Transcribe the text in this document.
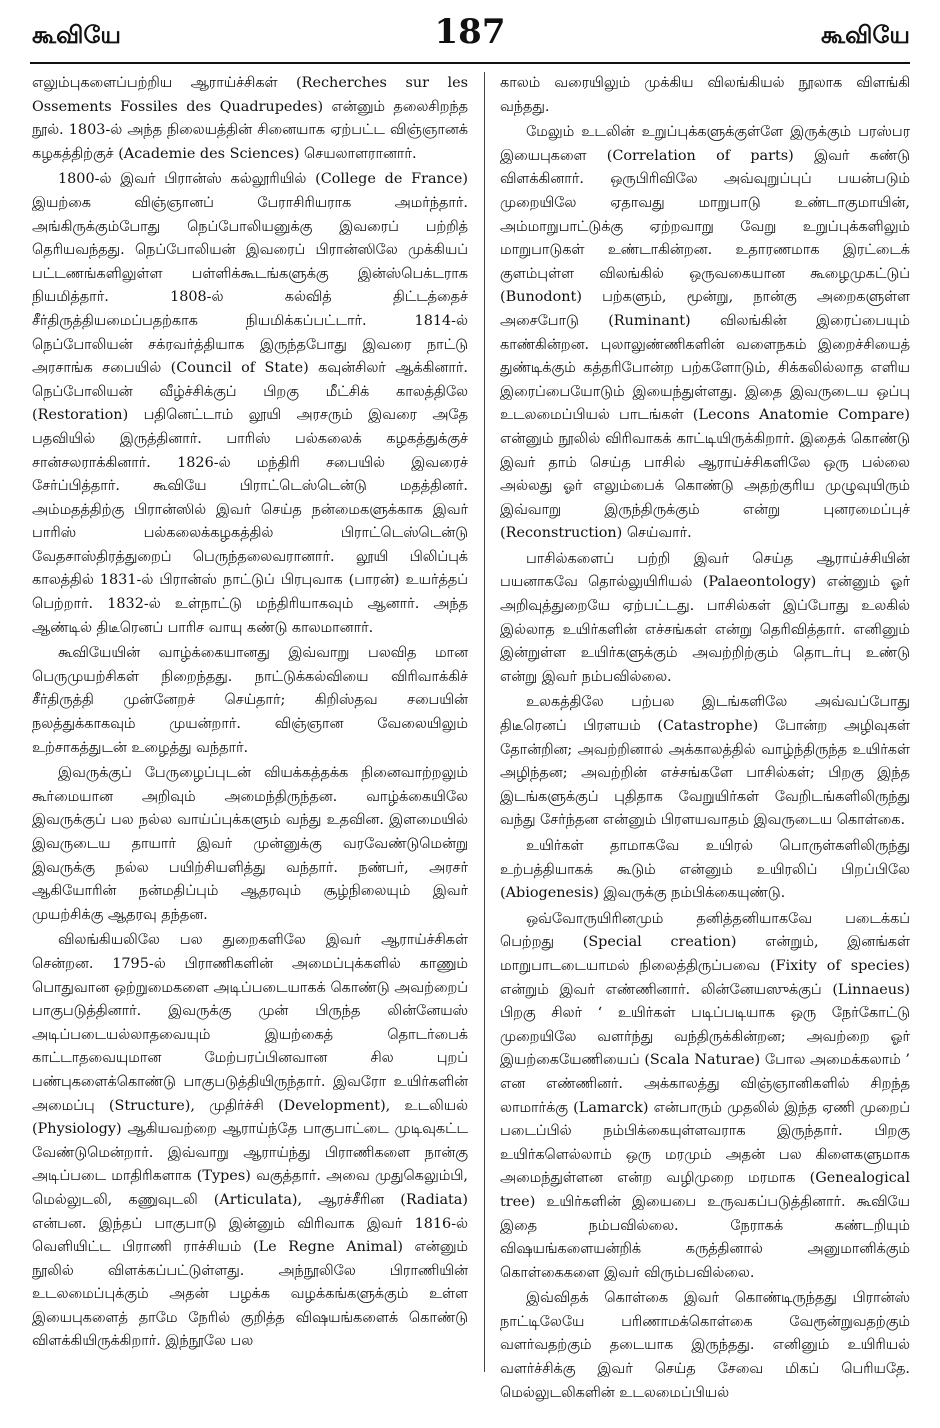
கூவியே	187	கூவியே

எலும்புகளைப்பற்றிய ஆராய்ச்சிகள் (Recherches sur les Ossements Fossiles des Quadrupedes) என்னும் தலைசிறந்த நூல். 1803-ல் அந்த நிலையத்தின் சினையாக ஏற்பட்ட விஞ்ஞானக் கழகத்திற்குச் (Academie des Sciences) செயலாளரானார்.

1800-ல் இவர் பிரான்ஸ் கல்லூரியில் (College de France) இயற்கை விஞ்ஞானப் பேராசிரியராக அமர்ந்தார். அங்கிருக்கும்போது நெப்போலியனுக்கு இவரைப் பற்றித் தெரியவந்தது. நெப்போலியன் இவரைப் பிரான்ஸிலே முக்கியப் பட்டணங்களிலுள்ள பள்ளிக்கூடங்களுக்கு இன்ஸ்பெக்டராக நியமித்தார். 1808-ல் கல்வித் திட்டத்தைச் சீர்திருத்தியமைப்பதற்காக நியமிக்கப்பட்டார். 1814-ல் நெப்போலியன் சக்ரவர்த்தியாக இருந்தபோது இவரை நாட்டு அரசாங்க சபையில் (Council of State) கவுன்சிலர் ஆக்கினார். நெப்போலியன் வீழ்ச்சிக்குப் பிறகு மீட்சிக் காலத்திலே (Restoration) பதினெட்டாம் லூயி அரசரும் இவரை அதே பதவியில் இருத்தினார். பாரிஸ் பல்கலைக் கழகத்துக்குச் சான்சலராக்கினார். 1826-ல் மந்திரி சபையில் இவரைச் சேர்ப்பித்தார். கூவியே பிராட்டெஸ்டென்டு மதத்தினர். அம்மதத்திற்கு பிரான்ஸில் இவர் செய்த நன்மைகளுக்காக இவர் பாரிஸ் பல்கலைக்கழகத்தில் பிராட்டெஸ்டென்டு வேதசாஸ்திரத்துறைப் பெருந்தலைவரானார். லூயி பிலிப்புக் காலத்தில் 1831-ல் பிரான்ஸ் நாட்டுப் பிரபுவாக (பாரன்) உயர்த்தப் பெற்றார். 1832-ல் உள்நாட்டு மந்திரியாகவும் ஆனார். அந்த ஆண்டில் திடீரெனப் பாரிச வாயு கண்டு காலமானார்.

கூவியேயின் வாழ்க்கையானது இவ்வாறு பலவித மான பெருமுயற்சிகள் நிறைந்தது. நாட்டுக்கல்வியை விரிவாக்கிச் சீர்திருத்தி முன்னேறச் செய்தார்; கிறிஸ்தவ சபையின் நலத்துக்காகவும் முயன்றார். விஞ்ஞான வேலையிலும் உற்சாகத்துடன் உழைத்து வந்தார்.

இவருக்குப் பேருழைப்புடன் வியக்கத்தக்க நினைவாற்றலும் கூர்மையான அறிவும் அமைந்திருந்தன. வாழ்க்கையிலே இவருக்குப் பல நல்ல வாய்ப்புக்களும் வந்து உதவின. இளமையில் இவருடைய தாயார் இவர் முன்னுக்கு வரவேண்டுமென்று இவருக்கு நல்ல பயிற்சியளித்து வந்தார். நண்பர், அரசர் ஆகியோரின் நன்மதிப்பும் ஆதரவும் சூழ்நிலையும் இவர் முயற்சிக்கு ஆதரவு தந்தன.

விலங்கியலிலே பல துறைகளிலே இவர் ஆராய்ச்சிகள் சென்றன. 1795-ல் பிராணிகளின் அமைப்புக்களில் காணும் பொதுவான ஒற்றுமைகளை அடிப்படையாகக் கொண்டு அவற்றைப் பாகுபடுத்தினார். இவருக்கு முன் பிருந்த லின்னேயஸ் அடிப்படையல்லாதவையும் இயற்கைத் தொடர்பைக் காட்டாதவையுமான மேற்பரப்பினவான சில புறப் பண்புகளைக்கொண்டு பாகுபடுத்தியிருந்தார். இவரோ உயிர்களின் அமைப்பு (Structure), முதிர்ச்சி (Development), உடலியல் (Physiology) ஆகியவற்றை ஆராய்ந்தே பாகுபாட்டை முடிவுகட்ட வேண்டுமென்றார். இவ்வாறு ஆராய்ந்து பிராணிகளை நான்கு அடிப்படை மாதிரிகளாக (Types) வகுத்தார். அவை முதுகெலும்பி, மெல்லுடலி, கணுவுடலி (Articulata), ஆரச்சீரின (Radiata) என்பன. இந்தப் பாகுபாடு இன்னும் விரிவாக இவர் 1816-ல் வெளியிட்ட பிராணி ராச்சியம் (Le Regne Animal) என்னும் நூலில் விளக்கப்பட்டுள்ளது. அந்நூலிலே பிராணியின் உடலமைப்புக்கும் அதன் பழக்க வழக்கங்களுக்கும் உள்ள இயைபுகளைத் தாமே நேரில் குறித்த விஷயங்களைக் கொண்டு விளக்கியிருக்கிறார். இந்நூலே பல

காலம் வரையிலும் முக்கிய விலங்கியல் நூலாக விளங்கி வந்தது.

மேலும் உடலின் உறுப்புக்களுக்குள்ளே இருக்கும் பரஸ்பர இயைபுகளை (Correlation of parts) இவர் கண்டு விளக்கினார். ஒருபிரிவிலே அவ்வுறுப்புப் பயன்படும் முறையிலே ஏதாவது மாறுபாடு உண்டாகுமாயின், அம்மாறுபாட்டுக்கு ஏற்றவாறு வேறு உறுப்புக்களிலும் மாறுபாடுகள் உண்டாகின்றன. உதாரணமாக இரட்டைக் குளம்புள்ள விலங்கில் ஒருவகையான கூழைமுகட்டுப் (Bunodont) பற்களும், மூன்று, நான்கு அறைகளுள்ள அசைபோடு (Ruminant) விலங்கின் இரைப்பையும் காண்கின்றன. புலாலுண்ணிகளின் வளைநகம் இறைச்சியைத் துண்டிக்கும் கத்தரிபோன்ற பற்களோடும், சிக்கலில்லாத எளிய இரைப்பையோடும் இயைந்துள்ளது. இதை இவருடைய ஒப்பு உடலமைப்பியல் பாடங்கள் (Lecons Anatomie Compare) என்னும் நூலில் விரிவாகக் காட்டியிருக்கிறார். இதைக் கொண்டு இவர் தாம் செய்த பாசில் ஆராய்ச்சிகளிலே ஒரு பல்லை அல்லது ஓர் எலும்பைக் கொண்டு அதற்குரிய முழுவுயிரும் இவ்வாறு இருந்திருக்கும் என்று புனரமைப்புச் (Reconstruction) செய்வார்.

பாசில்களைப் பற்றி இவர் செய்த ஆராய்ச்சியின் பயனாகவே தொல்லுயிரியல் (Palaeontology) என்னும் ஓர் அறிவுத்துறையே ஏற்பட்டது. பாசில்கள் இப்போது உலகில் இல்லாத உயிர்களின் எச்சங்கள் என்று தெரிவித்தார். எனினும் இன்றுள்ள உயிர்களுக்கும் அவற்றிற்கும் தொடர்பு உண்டு என்று இவர் நம்பவில்லை.

உலகத்திலே பற்பல இடங்களிலே அவ்வப்போது திடீரெனப் பிரளயம் (Catastrophe) போன்ற அழிவுகள் தோன்றின; அவற்றினால் அக்காலத்தில் வாழ்ந்திருந்த உயிர்கள் அழிந்தன; அவற்றின் எச்சங்களே பாசில்கள்; பிறகு இந்த இடங்களுக்குப் புதிதாக வேறுயிர்கள் வேறிடங்களிலிருந்து வந்து சேர்ந்தன என்னும் பிரளயவாதம் இவருடைய கொள்கை.

உயிர்கள் தாமாகவே உயிரல் பொருள்களிலிருந்து உற்பத்தியாகக் கூடும் என்னும் உயிரலிப் பிறப்பிலே (Abiogenesis) இவருக்கு நம்பிக்கையுண்டு.

ஒவ்வோருயிரினமும் தனித்தனியாகவே படைக்கப் பெற்றது (Special creation) என்றும், இனங்கள் மாறுபாடடையாமல் நிலைத்திருப்பவை (Fixity of species) என்றும் இவர் எண்ணினார். லின்னேயஸுக்குப் (Linnaeus) பிறகு சிலர் ‘ உயிர்கள் படிப்படியாக ஒரு நேர்கோட்டு முறையிலே வளர்ந்து வந்திருக்கின்றன; அவற்றை ஓர் இயற்கையேணியைப் (Scala Naturae) போல அமைக்கலாம் ’ என எண்ணினர். அக்காலத்து விஞ்ஞானிகளில் சிறந்த லாமார்க்கு (Lamarck) என்பாரும் முதலில் இந்த ஏணி முறைப் படைப்பில் நம்பிக்கையுள்ளவராக இருந்தார். பிறகு உயிர்களெல்லாம் ஒரு மரமும் அதன் பல கிளைகளுமாக அமைந்துள்ளன என்ற வழிமுறை மரமாக (Genealogical tree) உயிர்களின் இயைபை உருவகப்படுத்தினார். கூவியே இதை நம்பவில்லை. நேராகக் கண்டறியும் விஷயங்களையன்றிக் கருத்தினால் அனுமானிக்கும் கொள்கைகளை இவர் விரும்பவில்லை.

இவ்விதக் கொள்கை இவர் கொண்டிருந்தது பிரான்ஸ் நாட்டிலேயே பரிணாமக்கொள்கை வேரூன்றுவதற்கும் வளர்வதற்கும் தடையாக இருந்தது. எனினும் உயிரியல் வளர்ச்சிக்கு இவர் செய்த சேவை மிகப் பெரியதே. மெல்லுடலிகளின் உடலமைப்பியல்
